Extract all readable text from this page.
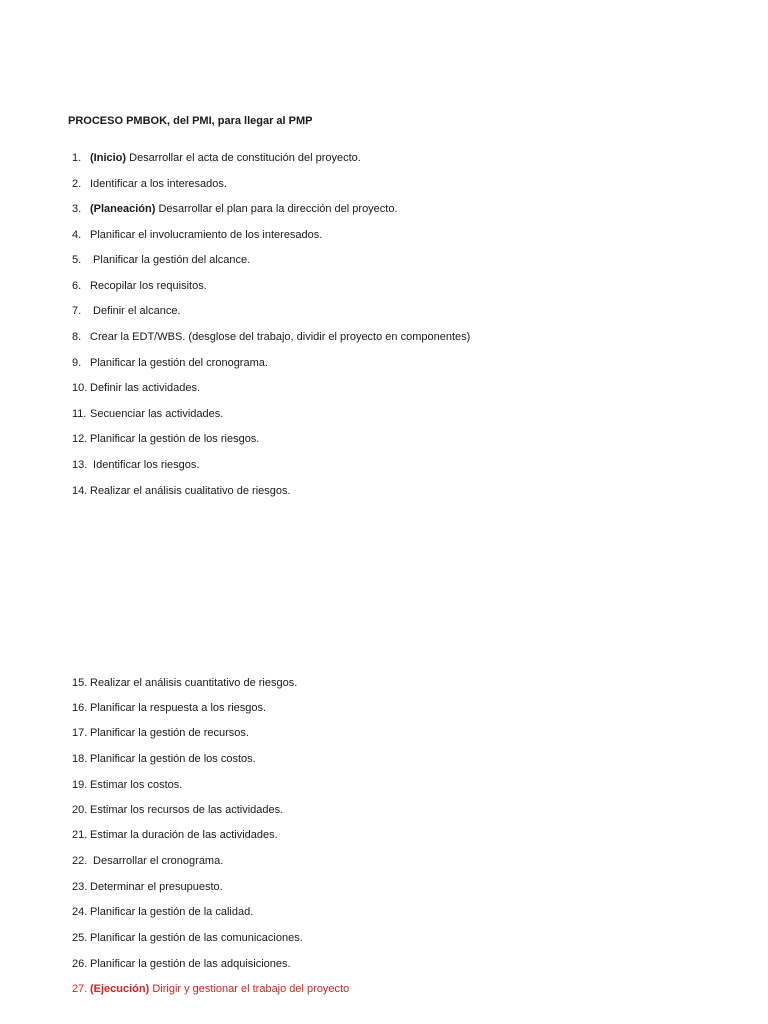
PROCESO PMBOK, del PMI, para llegar al PMP
1. (Inicio) Desarrollar el acta de constitución del proyecto.
2. Identificar a los interesados.
3. (Planeación) Desarrollar el plan para la dirección del proyecto.
4. Planificar el involucramiento de los interesados.
5. Planificar la gestión del alcance.
6. Recopilar los requisitos.
7. Definir el alcance.
8. Crear la EDT/WBS. (desglose del trabajo, dividir el proyecto en componentes)
9. Planificar la gestión del cronograma.
10. Definir las actividades.
11. Secuenciar las actividades.
12. Planificar la gestión de los riesgos.
13. Identificar los riesgos.
14. Realizar el análisis cualitativo de riesgos.
15. Realizar el análisis cuantitativo de riesgos.
16. Planificar la respuesta a los riesgos.
17. Planificar la gestión de recursos.
18. Planificar la gestión de los costos.
19. Estimar los costos.
20. Estimar los recursos de las actividades.
21. Estimar la duración de las actividades.
22. Desarrollar el cronograma.
23. Determinar el presupuesto.
24. Planificar la gestión de la calidad.
25. Planificar la gestión de las comunicaciones.
26. Planificar la gestión de las adquisiciones.
27. (Ejecución) Dirigir y gestionar el trabajo del proyecto
